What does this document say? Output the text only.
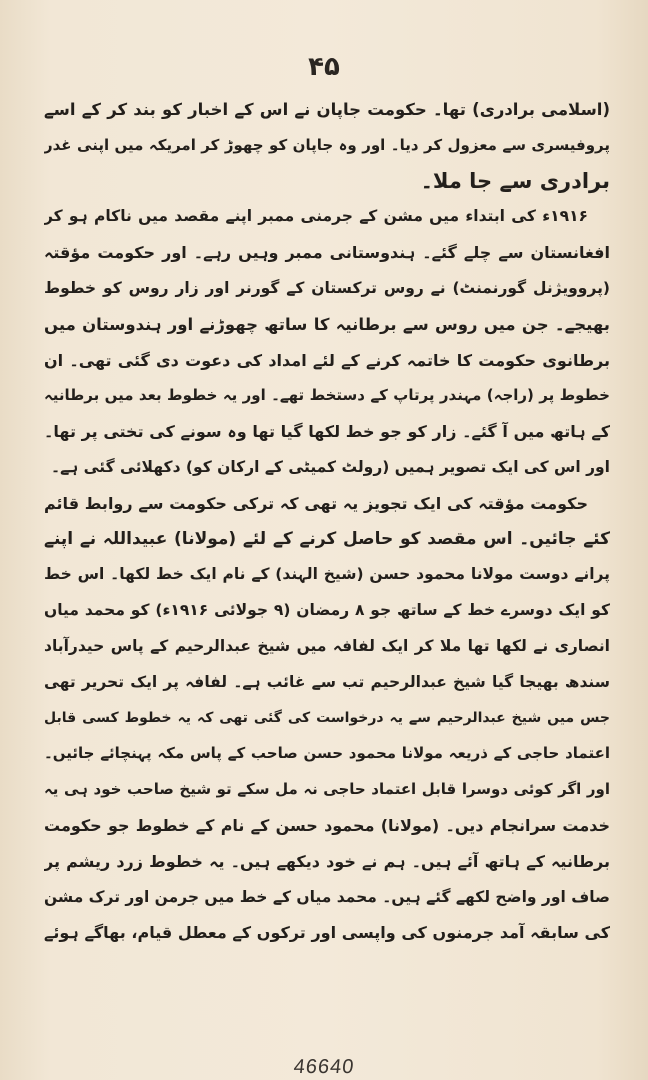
۴۵
(اسلامی برادری) تھا۔ حکومت جاپان نے اس کے اخبار کو بند کر کے اسے
پروفیسری سے معزول کر دیا۔ اور وہ جاپان کو چھوڑ کر امریکہ میں اپنی غدر
برادری سے جا ملا۔
۱۹۱۶ء کی ابتداء میں مشن کے جرمنی ممبر اپنے مقصد میں ناکام ہو کر
افغانستان سے چلے گئے۔ ہندوستانی ممبر وہیں رہے۔ اور حکومت مؤقتہ
(پروویژنل گورنمنٹ) نے روس ترکستان کے گورنر اور زار روس کو خطوط
بھیجے۔ جن میں روس سے برطانیہ کا ساتھ چھوڑنے اور ہندوستان میں
برطانوی حکومت کا خاتمہ کرنے کے لئے امداد کی دعوت دی گئی تھی۔ ان
خطوط پر (راجہ) مہندر پرتاپ کے دستخط تھے۔ اور یہ خطوط بعد میں برطانیہ
کے ہاتھ میں آ گئے۔ زار کو جو خط لکھا گیا تھا وہ سونے کی تختی پر تھا۔
اور اس کی ایک تصویر ہمیں (رولٹ کمیٹی کے ارکان کو) دکھلائی گئی ہے۔
حکومت مؤقتہ کی ایک تجویز یہ تھی کہ ترکی حکومت سے روابط قائم
کئے جائیں۔ اس مقصد کو حاصل کرنے کے لئے (مولانا) عبیداللہ نے اپنے
پرانے دوست مولانا محمود حسن (شیخ الہند) کے نام ایک خط لکھا۔ اس خط
کو ایک دوسرے خط کے ساتھ جو ۸ رمضان (۹ جولائی ۱۹۱۶ء) کو محمد میاں
انصاری نے لکھا تھا ملا کر ایک لفافہ میں شیخ عبدالرحیم کے پاس حیدرآباد
سندھ بھیجا گیا شیخ عبدالرحیم تب سے غائب ہے۔ لفافہ پر ایک تحریر تھی
جس میں شیخ عبدالرحیم سے یہ درخواست کی گئی تھی کہ یہ خطوط کسی قابل
اعتماد حاجی کے ذریعہ مولانا محمود حسن صاحب کے پاس مکہ پہنچائے جائیں۔
اور اگر کوئی دوسرا قابل اعتماد حاجی نہ مل سکے تو شیخ صاحب خود ہی یہ
خدمت سرانجام دیں۔ (مولانا) محمود حسن کے نام کے خطوط جو حکومت
برطانیہ کے ہاتھ آئے ہیں۔ ہم نے خود دیکھے ہیں۔ یہ خطوط زرد ریشم پر
صاف اور واضح لکھے گئے ہیں۔ محمد میاں کے خط میں جرمن اور ترک مشن
کی سابقہ آمد جرمنوں کی واپسی اور ترکوں کے معطل قیام، بھاگے ہوئے
46640
